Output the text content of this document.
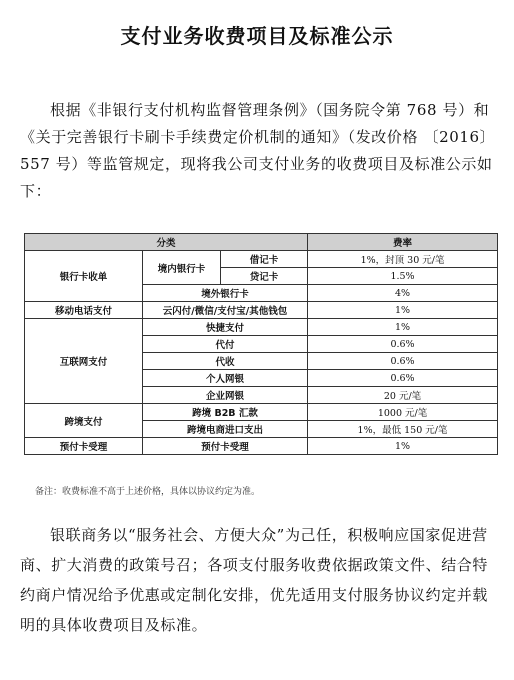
支付业务收费项目及标准公示

根据《非银行支付机构监督管理条例》（国务院令第 768 号）和《关于完善银行卡刷卡手续费定价机制的通知》（发改价格 〔2016〕557 号）等监管规定，现将我公司支付业务的收费项目及标准公示如下：

分类			费率
银行卡收单	境内银行卡	借记卡	1%，封顶 30 元/笔
		贷记卡	1.5%
	境外银行卡		4%
移动电话支付	云闪付/微信/支付宝/其他钱包		1%
互联网支付	快捷支付		1%
	代付		0.6%
	代收		0.6%
	个人网银		0.6%
	企业网银		20 元/笔
跨境支付	跨境 B2B 汇款		1000 元/笔
	跨境电商进口支出		1%，最低 150 元/笔
预付卡受理	预付卡受理		1%

备注：收费标准不高于上述价格，具体以协议约定为准。

银联商务以“服务社会、方便大众”为己任，积极响应国家促进营商、扩大消费的政策号召；各项支付服务收费依据政策文件、结合特约商户情况给予优惠或定制化安排，优先适用支付服务协议约定并载明的具体收费项目及标准。
